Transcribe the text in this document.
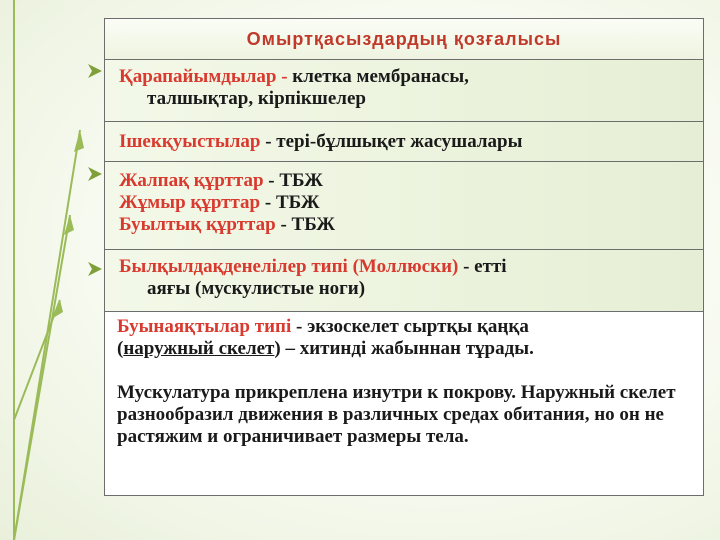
Омыртқасыздардың қозғалысы
Қарапайымдылар - клетка мембранасы,
талшықтар, кірпікшелер
Ішекқуыстылар - тері-бұлшықет жасушалары
Жалпақ құрттар - ТБЖ
Жұмыр құрттар - ТБЖ
Буылтық құрттар - ТБЖ
Былқылдақденелілер типі (Моллюски) - етті
аяғы (мускулистые ноги)
Буынаяқтылар типі - экзоскелет сыртқы қаңқа
(наружный скелет) – хитинді жабыннан тұрады.
Мускулатура прикреплена изнутри к покрову. Наружный скелет разнообразил движения в различных средах обитания, но он не растяжим и ограничивает размеры тела.
